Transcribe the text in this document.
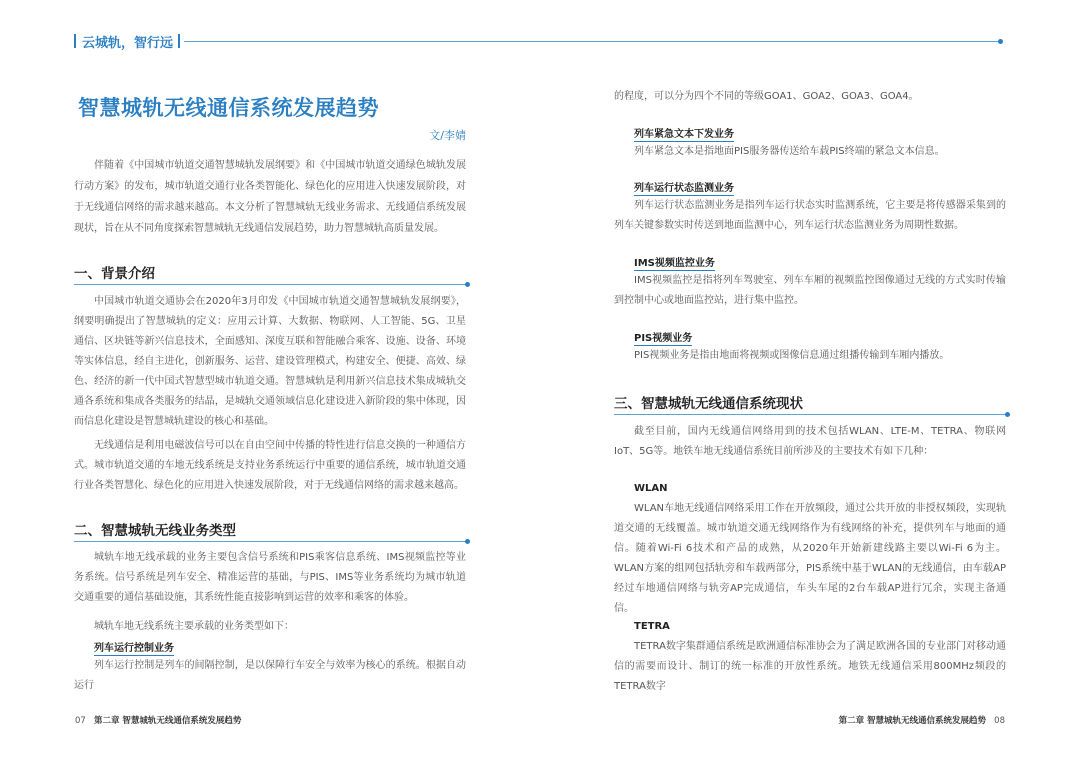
云城轨，智行远
智慧城轨无线通信系统发展趋势
文/李婧

伴随着《中国城市轨道交通智慧城轨发展纲要》和《中国城市轨道交通绿色城轨发展行动方案》的发布，城市轨道交通行业各类智能化、绿色化的应用进入快速发展阶段，对于无线通信网络的需求越来越高。本文分析了智慧城轨无线业务需求、无线通信系统发展现状，旨在从不同角度探索智慧城轨无线通信发展趋势，助力智慧城轨高质量发展。

一、背景介绍

中国城市轨道交通协会在2020年3月印发《中国城市轨道交通智慧城轨发展纲要》，纲要明确提出了智慧城轨的定义：应用云计算、大数据、物联网、人工智能、5G、卫星通信、区块链等新兴信息技术，全面感知、深度互联和智能融合乘客、设施、设备、环境等实体信息，经自主进化，创新服务、运营、建设管理模式，构建安全、便捷、高效、绿色、经济的新一代中国式智慧型城市轨道交通。智慧城轨是利用新兴信息技术集成城轨交通各系统和集成各类服务的结晶，是城轨交通领域信息化建设进入新阶段的集中体现，因而信息化建设是智慧城轨建设的核心和基础。

无线通信是利用电磁波信号可以在自由空间中传播的特性进行信息交换的一种通信方式。城市轨道交通的车地无线系统是支持业务系统运行中重要的通信系统，城市轨道交通行业各类智慧化、绿色化的应用进入快速发展阶段，对于无线通信网络的需求越来越高。

二、智慧城轨无线业务类型

城轨车地无线承载的业务主要包含信号系统和PIS乘客信息系统、IMS视频监控等业务系统。信号系统是列车安全、精准运营的基础，与PIS、IMS等业务系统均为城市轨道交通重要的通信基础设施，其系统性能直接影响到运营的效率和乘客的体验。

城轨车地无线系统主要承载的业务类型如下：

列车运行控制业务

列车运行控制是列车的间隔控制，是以保障行车安全与效率为核心的系统。根据自动运行

的程度，可以分为四个不同的等级GOA1、GOA2、GOA3、GOA4。

列车紧急文本下发业务

列车紧急文本是指地面PIS服务器传送给车载PIS终端的紧急文本信息。

列车运行状态监测业务

列车运行状态监测业务是指列车运行状态实时监测系统，它主要是将传感器采集到的列车关键参数实时传送到地面监测中心，列车运行状态监测业务为周期性数据。

IMS视频监控业务

IMS视频监控是指将列车驾驶室、列车车厢的视频监控图像通过无线的方式实时传输到控制中心或地面监控站，进行集中监控。

PIS视频业务

PIS视频业务是指由地面将视频或图像信息通过组播传输到车厢内播放。

三、智慧城轨无线通信系统现状

截至目前，国内无线通信网络用到的技术包括WLAN、LTE-M、TETRA、物联网IoT、5G等。地铁车地无线通信系统目前所涉及的主要技术有如下几种：

WLAN

WLAN车地无线通信网络采用工作在开放频段，通过公共开放的非授权频段，实现轨道交通的无线覆盖。城市轨道交通无线网络作为有线网络的补充，提供列车与地面的通信。随着Wi-Fi 6技术和产品的成熟，从2020年开始新建线路主要以Wi-Fi 6为主。WLAN方案的组网包括轨旁和车载两部分，PIS系统中基于WLAN的无线通信，由车载AP经过车地通信网络与轨旁AP完成通信，车头车尾的2台车载AP进行冗余，实现主备通信。

TETRA

TETRA数字集群通信系统是欧洲通信标准协会为了满足欧洲各国的专业部门对移动通信的需要而设计、制订的统一标准的开放性系统。地铁无线通信采用800MHz频段的TETRA数字

07 第二章 智慧城轨无线通信系统发展趋势	第二章 智慧城轨无线通信系统发展趋势 08
